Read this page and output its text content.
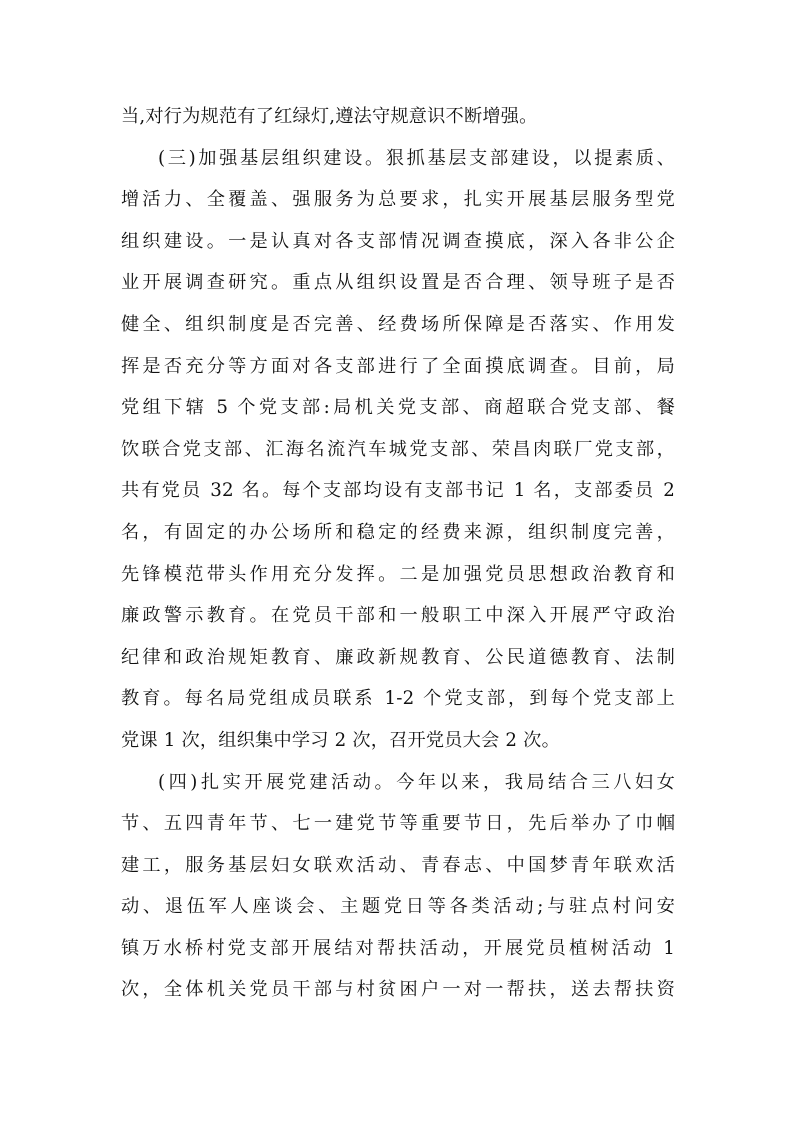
当,对行为规范有了红绿灯,遵法守规意识不断增强。
(三)加强基层组织建设。狠抓基层支部建设，以提素质、
增活力、全覆盖、强服务为总要求，扎实开展基层服务型党
组织建设。一是认真对各支部情况调查摸底，深入各非公企
业开展调查研究。重点从组织设置是否合理、领导班子是否
健全、组织制度是否完善、经费场所保障是否落实、作用发
挥是否充分等方面对各支部进行了全面摸底调查。目前，局
党组下辖 5 个党支部:局机关党支部、商超联合党支部、餐
饮联合党支部、汇海名流汽车城党支部、荣昌肉联厂党支部，
共有党员 32 名。每个支部均设有支部书记 1 名，支部委员 2
名，有固定的办公场所和稳定的经费来源，组织制度完善，
先锋模范带头作用充分发挥。二是加强党员思想政治教育和
廉政警示教育。在党员干部和一般职工中深入开展严守政治
纪律和政治规矩教育、廉政新规教育、公民道德教育、法制
教育。每名局党组成员联系 1-2 个党支部，到每个党支部上
党课 1 次，组织集中学习 2 次，召开党员大会 2 次。
(四)扎实开展党建活动。今年以来，我局结合三八妇女
节、五四青年节、七一建党节等重要节日，先后举办了巾帼
建工，服务基层妇女联欢活动、青春志、中国梦青年联欢活
动、退伍军人座谈会、主题党日等各类活动;与驻点村问安
镇万水桥村党支部开展结对帮扶活动，开展党员植树活动 1
次，全体机关党员干部与村贫困户一对一帮扶，送去帮扶资
